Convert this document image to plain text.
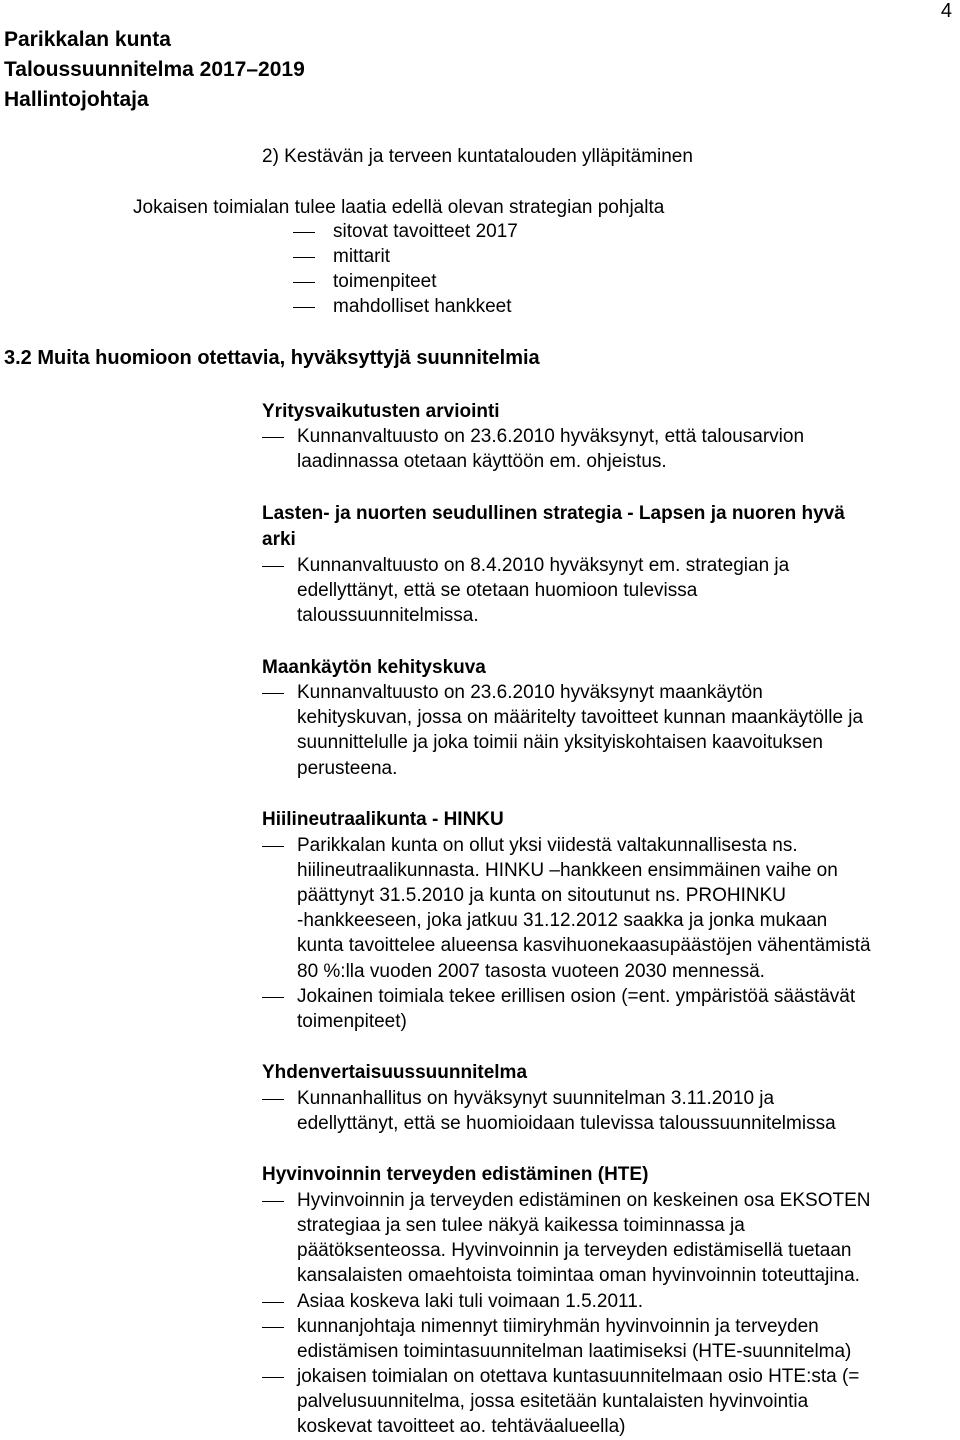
4
Parikkalan kunta
Taloussuunnitelma 2017–2019
Hallintojohtaja
2) Kestävän ja terveen kuntatalouden ylläpitäminen
Jokaisen toimialan tulee laatia edellä olevan strategian pohjalta
sitovat tavoitteet 2017
mittarit
toimenpiteet
mahdolliset hankkeet
3.2 Muita huomioon otettavia, hyväksyttyjä suunnitelmia
Yritysvaikutusten arviointi
Kunnanvaltuusto on 23.6.2010 hyväksynyt, että talousarvion
laadinnassa otetaan käyttöön em. ohjeistus.
Lasten- ja nuorten seudullinen strategia - Lapsen ja nuoren hyvä
arki
Kunnanvaltuusto on 8.4.2010 hyväksynyt em. strategian ja
edellyttänyt, että se otetaan huomioon tulevissa
taloussuunnitelmissa.
Maankäytön kehityskuva
Kunnanvaltuusto on 23.6.2010 hyväksynyt maankäytön
kehityskuvan, jossa on määritelty tavoitteet kunnan maankäytölle ja
suunnittelulle ja joka toimii näin yksityiskohtaisen kaavoituksen
perusteena.
Hiilineutraalikunta - HINKU
Parikkalan kunta on ollut yksi viidestä valtakunnallisesta ns.
hiilineutraalikunnasta. HINKU –hankkeen ensimmäinen vaihe on
päättynyt 31.5.2010 ja kunta on sitoutunut ns. PROHINKU
-hankkeeseen, joka jatkuu 31.12.2012 saakka ja jonka mukaan
kunta tavoittelee alueensa kasvihuonekaasupäästöjen vähentämistä
80 %:lla vuoden 2007 tasosta vuoteen 2030 mennessä.
Jokainen toimiala tekee erillisen osion (=ent. ympäristöä säästävät
toimenpiteet)
Yhdenvertaisuussuunnitelma
Kunnanhallitus on hyväksynyt suunnitelman 3.11.2010 ja
edellyttänyt, että se huomioidaan tulevissa taloussuunnitelmissa
Hyvinvoinnin terveyden edistäminen (HTE)
Hyvinvoinnin ja terveyden edistäminen on keskeinen osa EKSOTEN
strategiaa ja sen tulee näkyä kaikessa toiminnassa ja
päätöksenteossa. Hyvinvoinnin ja terveyden edistämisellä tuetaan
kansalaisten omaehtoista toimintaa oman hyvinvoinnin toteuttajina.
Asiaa koskeva laki tuli voimaan 1.5.2011.
kunnanjohtaja nimennyt tiimiryhmän hyvinvoinnin ja terveyden
edistämisen toimintasuunnitelman laatimiseksi (HTE-suunnitelma)
jokaisen toimialan on otettava kuntasuunnitelmaan osio HTE:sta (=
palvelusuunnitelma, jossa esitetään kuntalaisten hyvinvointia
koskevat tavoitteet ao. tehtäväalueella)
